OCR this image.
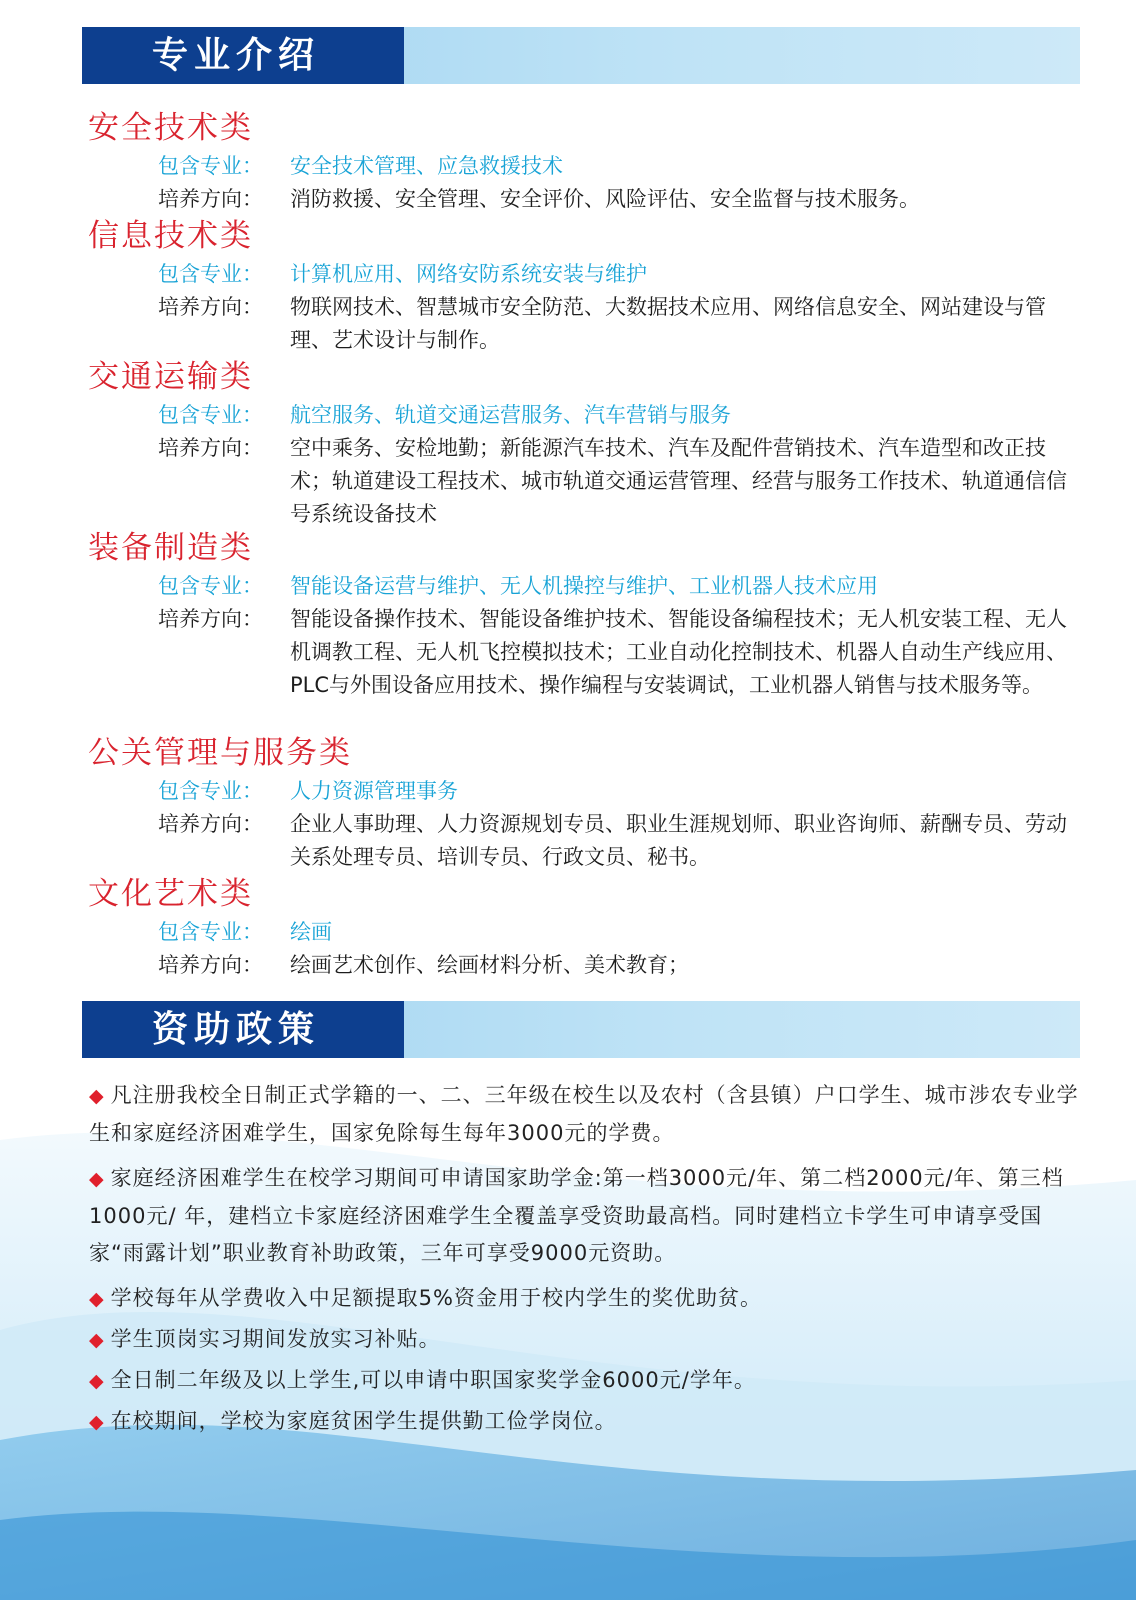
专业介绍
安全技术类
包含专业： 安全技术管理、应急救援技术
培养方向： 消防救援、安全管理、安全评价、风险评估、安全监督与技术服务。
信息技术类
包含专业： 计算机应用、网络安防系统安装与维护
培养方向： 物联网技术、智慧城市安全防范、大数据技术应用、网络信息安全、网站建设与管理、艺术设计与制作。
交通运输类
包含专业： 航空服务、轨道交通运营服务、汽车营销与服务
培养方向： 空中乘务、安检地勤；新能源汽车技术、汽车及配件营销技术、汽车造型和改正技术；轨道建设工程技术、城市轨道交通运营管理、经营与服务工作技术、轨道通信信号系统设备技术
装备制造类
包含专业： 智能设备运营与维护、无人机操控与维护、工业机器人技术应用
培养方向： 智能设备操作技术、智能设备维护技术、智能设备编程技术；无人机安装工程、无人机调教工程、无人机飞控模拟技术；工业自动化控制技术、机器人自动生产线应用、PLC与外围设备应用技术、操作编程与安装调试，工业机器人销售与技术服务等。
公关管理与服务类
包含专业： 人力资源管理事务
培养方向： 企业人事助理、人力资源规划专员、职业生涯规划师、职业咨询师、薪酬专员、劳动关系处理专员、培训专员、行政文员、秘书。
文化艺术类
包含专业： 绘画
培养方向： 绘画艺术创作、绘画材料分析、美术教育；
资助政策
◆ 凡注册我校全日制正式学籍的一、二、三年级在校生以及农村（含县镇）户口学生、城市涉农专业学生和家庭经济困难学生，国家免除每生每年3000元的学费。
◆ 家庭经济困难学生在校学习期间可申请国家助学金:第一档3000元/年、第二档2000元/年、第三档1000元/ 年，建档立卡家庭经济困难学生全覆盖享受资助最高档。同时建档立卡学生可申请享受国家“雨露计划”职业教育补助政策，三年可享受9000元资助。
◆ 学校每年从学费收入中足额提取5%资金用于校内学生的奖优助贫。
◆ 学生顶岗实习期间发放实习补贴。
◆ 全日制二年级及以上学生,可以申请中职国家奖学金6000元/学年。
◆ 在校期间，学校为家庭贫困学生提供勤工俭学岗位。
